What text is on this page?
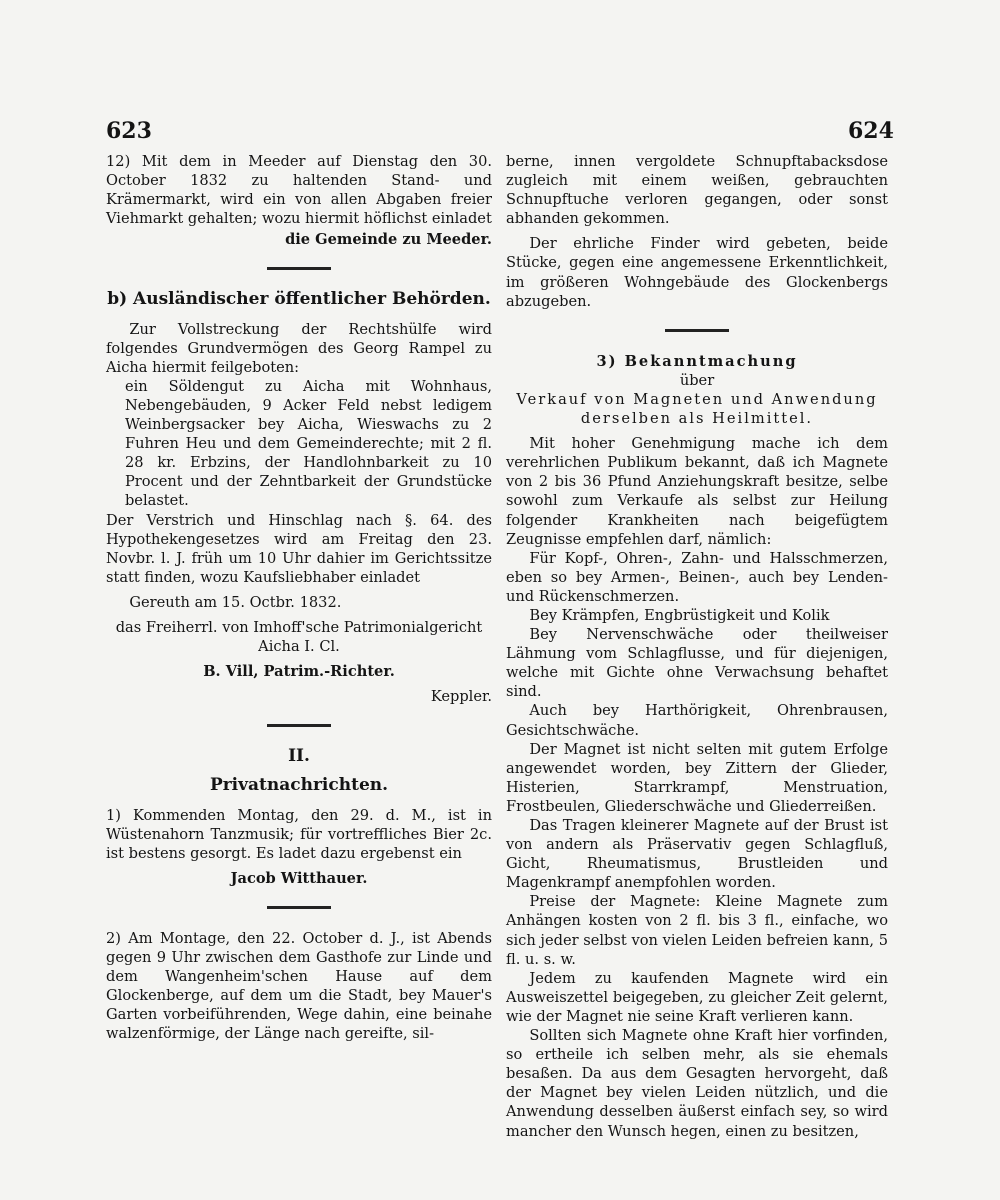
623	624

12) Mit dem in Meeder auf Dienstag den 30. October 1832 zu haltenden Stand- und Krämermarkt, wird ein von allen Abgaben freier Viehmarkt gehalten; wozu hiermit höflichst einladet

die Gemeinde zu Meeder.

b) Ausländischer öffentlicher Behörden.

Zur Vollstreckung der Rechtshülfe wird folgendes Grundvermögen des Georg Rampel zu Aicha hiermit feilgeboten:

ein Söldengut zu Aicha mit Wohnhaus, Nebengebäuden, 9 Acker Feld nebst ledigem Weinbergsacker bey Aicha, Wieswachs zu 2 Fuhren Heu und dem Gemeinderechte; mit 2 fl. 28 kr. Erbzins, der Handlohnbarkeit zu 10 Procent und der Zehntbarkeit der Grundstücke belastet.

Der Verstrich und Hinschlag nach §. 64. des Hypothekengesetzes wird am Freitag den 23. Novbr. l. J. früh um 10 Uhr dahier im Gerichtssitze statt finden, wozu Kaufsliebhaber einladet

Gereuth am 15. Octbr. 1832.

das Freiherrl. von Imhoff'sche Patrimonialgericht Aicha I. Cl.

B. Vill, Patrim.-Richter.

Keppler.

II.

Privatnachrichten.

1) Kommenden Montag, den 29. d. M., ist in Wüstenahorn Tanzmusik; für vortreffliches Bier 2c. ist bestens gesorgt. Es ladet dazu ergebenst ein

Jacob Witthauer.

2) Am Montage, den 22. October d. J., ist Abends gegen 9 Uhr zwischen dem Gasthofe zur Linde und dem Wangenheim'schen Hause auf dem Glockenberge, auf dem um die Stadt, bey Mauer's Garten vorbeiführenden, Wege dahin, eine beinahe walzenförmige, der Länge nach gereifte, sil-

berne, innen vergoldete Schnupftabacksdose zugleich mit einem weißen, gebrauchten Schnupftuche verloren gegangen, oder sonst abhanden gekommen.

Der ehrliche Finder wird gebeten, beide Stücke, gegen eine angemessene Erkenntlichkeit, im größeren Wohngebäude des Glockenbergs abzugeben.

3) Bekanntmachung

über

Verkauf von Magneten und Anwendung derselben als Heilmittel.

Mit hoher Genehmigung mache ich dem verehrlichen Publikum bekannt, daß ich Magnete von 2 bis 36 Pfund Anziehungskraft besitze, selbe sowohl zum Verkaufe als selbst zur Heilung folgender Krankheiten nach beigefügtem Zeugnisse empfehlen darf, nämlich:

Für Kopf-, Ohren-, Zahn- und Halsschmerzen, eben so bey Armen-, Beinen-, auch bey Lenden- und Rückenschmerzen.

Bey Krämpfen, Engbrüstigkeit und Kolik

Bey Nervenschwäche oder theilweiser Lähmung vom Schlagflusse, und für diejenigen, welche mit Gichte ohne Verwachsung behaftet sind.

Auch bey Harthörigkeit, Ohrenbrausen, Gesichtschwäche.

Der Magnet ist nicht selten mit gutem Erfolge angewendet worden, bey Zittern der Glieder, Histerien, Starrkrampf, Menstruation, Frostbeulen, Gliederschwäche und Gliederreißen.

Das Tragen kleinerer Magnete auf der Brust ist von andern als Präservativ gegen Schlagfluß, Gicht, Rheumatismus, Brustleiden und Magenkrampf anempfohlen worden.

Preise der Magnete: Kleine Magnete zum Anhängen kosten von 2 fl. bis 3 fl., einfache, wo sich jeder selbst von vielen Leiden befreien kann, 5 fl. u. s. w.

Jedem zu kaufenden Magnete wird ein Ausweiszettel beigegeben, zu gleicher Zeit gelernt, wie der Magnet nie seine Kraft verlieren kann.

Sollten sich Magnete ohne Kraft hier vorfinden, so ertheile ich selben mehr, als sie ehemals besaßen. Da aus dem Gesagten hervorgeht, daß der Magnet bey vielen Leiden nützlich, und die Anwendung desselben äußerst einfach sey, so wird mancher den Wunsch hegen, einen zu besitzen,
